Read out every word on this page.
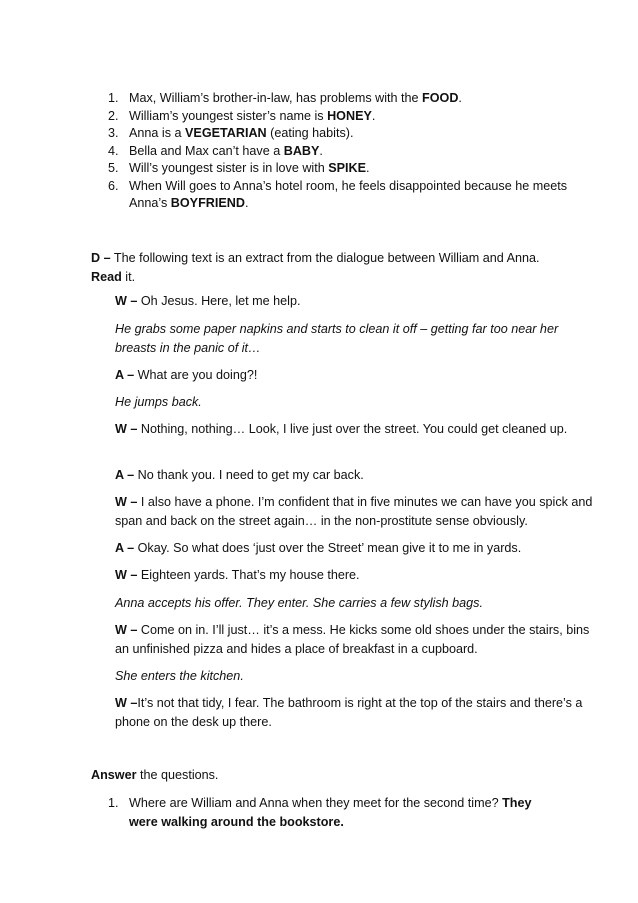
1. Max, William’s brother-in-law, has problems with the FOOD.
2. William’s youngest sister’s name is HONEY.
3. Anna is a VEGETARIAN (eating habits).
4. Bella and Max can’t have a BABY.
5. Will’s youngest sister is in love with SPIKE.
6. When Will goes to Anna’s hotel room, he feels disappointed because he meets Anna’s BOYFRIEND.
D – The following text is an extract from the dialogue between William and Anna.
Read it.
W – Oh Jesus. Here, let me help.
He grabs some paper napkins and starts to clean it off – getting far too near her breasts in the panic of it…
A – What are you doing?!
He jumps back.
W – Nothing, nothing… Look, I live just over the street. You could get cleaned up.
A – No thank you. I need to get my car back.
W – I also have a phone. I’m confident that in five minutes we can have you spick and span and back on the street again… in the non-prostitute sense obviously.
A – Okay. So what does ‘just over the Street’ mean give it to me in yards.
W – Eighteen yards. That’s my house there.
Anna accepts his offer. They enter. She carries a few stylish bags.
W – Come on in. I’ll just… it’s a mess. He kicks some old shoes under the stairs, bins an unfinished pizza and hides a place of breakfast in a cupboard.
She enters the kitchen.
W –It’s not that tidy, I fear. The bathroom is right at the top of the stairs and there’s a phone on the desk up there.
Answer the questions.
1. Where are William and Anna when they meet for the second time? They were walking around the bookstore.
